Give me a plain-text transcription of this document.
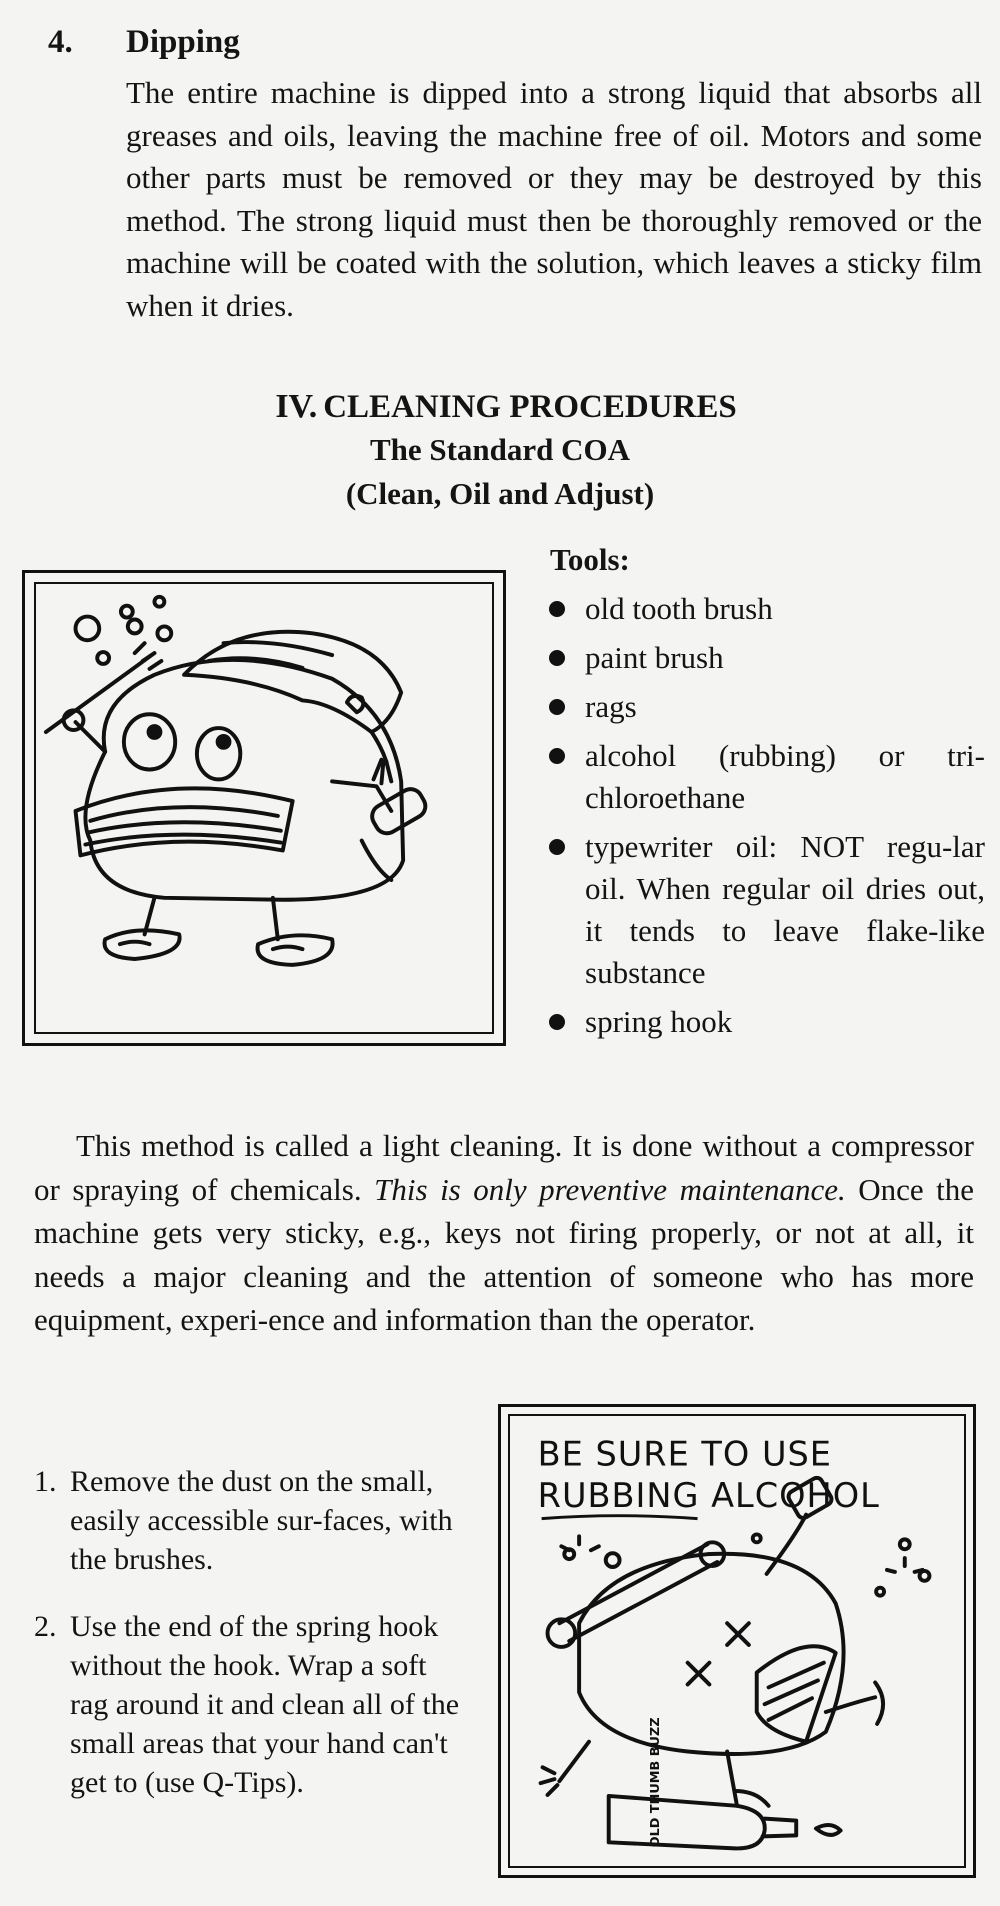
4. Dipping
The entire machine is dipped into a strong liquid that absorbs all greases and oils, leaving the machine free of oil. Motors and some other parts must be removed or they may be destroyed by this method. The strong liquid must then be thoroughly removed or the machine will be coated with the solution, which leaves a sticky film when it dries.
IV. CLEANING PROCEDURES
The Standard COA
(Clean, Oil and Adjust)
Tools:
old tooth brush
paint brush
rags
alcohol (rubbing) or tri-chloroethane
typewriter oil: NOT regu-lar oil. When regular oil dries out, it tends to leave flake-like substance
spring hook
This method is called a light cleaning. It is done without a compressor or spraying of chemicals. This is only preventive maintenance. Once the machine gets very sticky, e.g., keys not firing properly, or not at all, it needs a major cleaning and the attention of someone who has more equipment, experi-ence and information than the operator.
1. Remove the dust on the small, easily accessible sur-faces, with the brushes.
2. Use the end of the spring hook without the hook. Wrap a soft rag around it and clean all of the small areas that your hand can't get to (use Q-Tips).
BE SURE TO USE
RUBBING ALCOHOL
OLD THUMB BUZZ
